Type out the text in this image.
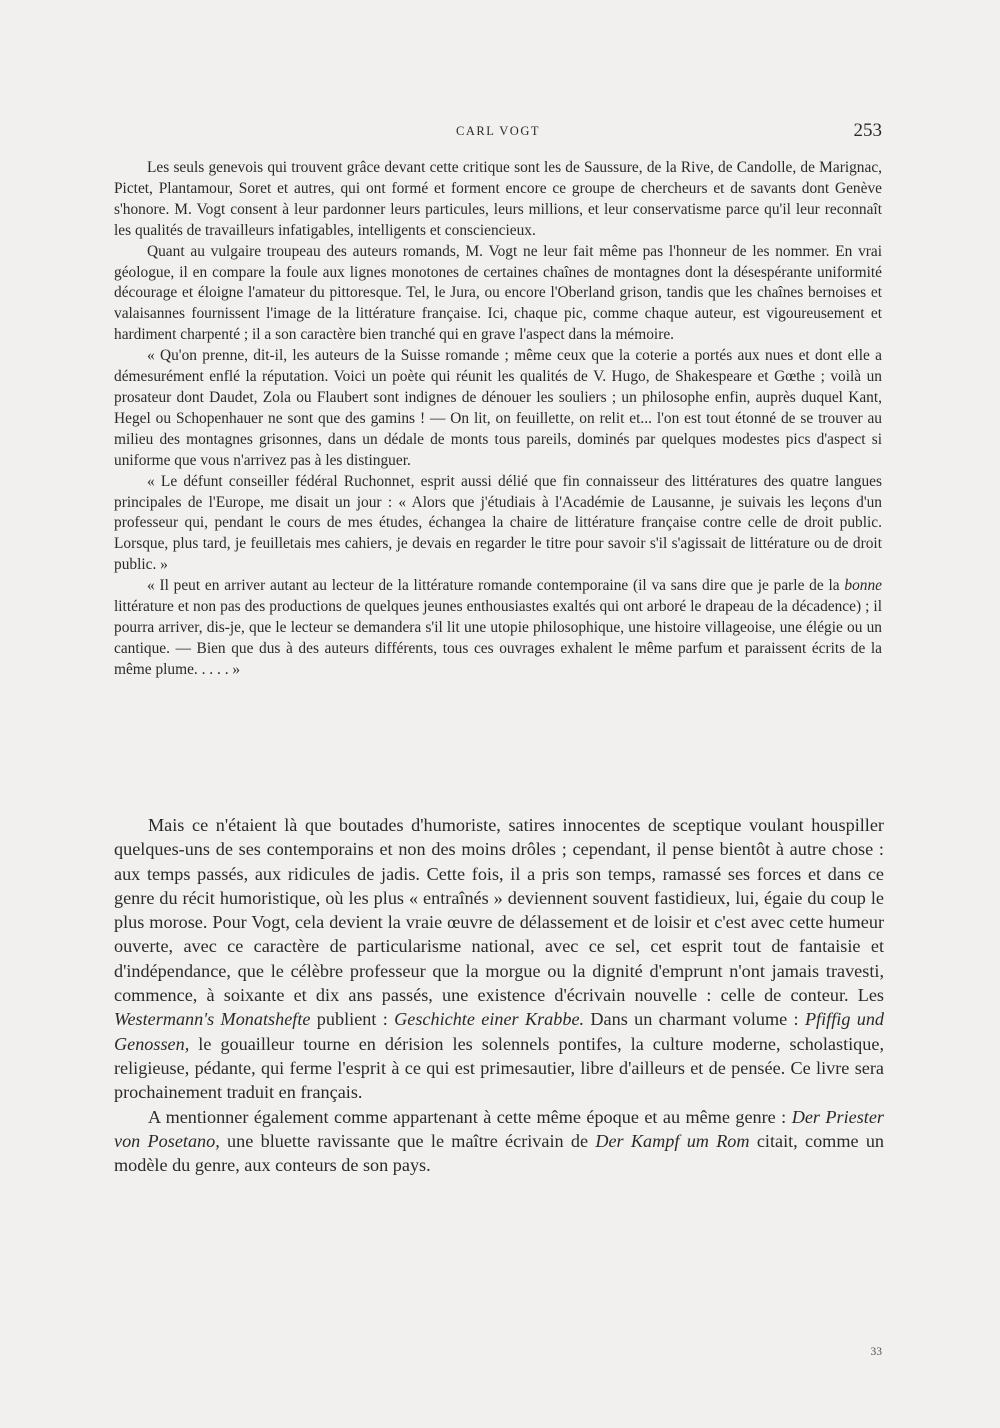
CARL VOGT	253

Les seuls genevois qui trouvent grâce devant cette critique sont les de Saussure, de la Rive, de Candolle, de Marignac, Pictet, Plantamour, Soret et autres, qui ont formé et forment encore ce groupe de chercheurs et de savants dont Genève s'honore. M. Vogt consent à leur pardonner leurs particules, leurs millions, et leur conservatisme parce qu'il leur reconnaît les qualités de travailleurs infatigables, intelligents et consciencieux.

Quant au vulgaire troupeau des auteurs romands, M. Vogt ne leur fait même pas l'honneur de les nommer. En vrai géologue, il en compare la foule aux lignes monotones de certaines chaînes de montagnes dont la désespérante uniformité décourage et éloigne l'amateur du pittoresque. Tel, le Jura, ou encore l'Oberland grison, tandis que les chaînes bernoises et valaisannes fournissent l'image de la littérature française. Ici, chaque pic, comme chaque auteur, est vigoureusement et hardiment charpenté ; il a son caractère bien tranché qui en grave l'aspect dans la mémoire.

« Qu'on prenne, dit-il, les auteurs de la Suisse romande ; même ceux que la coterie a portés aux nues et dont elle a démesurément enflé la réputation. Voici un poète qui réunit les qualités de V. Hugo, de Shakespeare et Gœthe ; voilà un prosateur dont Daudet, Zola ou Flaubert sont indignes de dénouer les souliers ; un philosophe enfin, auprès duquel Kant, Hegel ou Schopenhauer ne sont que des gamins ! — On lit, on feuillette, on relit et... l'on est tout étonné de se trouver au milieu des montagnes grisonnes, dans un dédale de monts tous pareils, dominés par quelques modestes pics d'aspect si uniforme que vous n'arrivez pas à les distinguer.

« Le défunt conseiller fédéral Ruchonnet, esprit aussi délié que fin connaisseur des littératures des quatre langues principales de l'Europe, me disait un jour : « Alors que j'étudiais à l'Académie de Lausanne, je suivais les leçons d'un professeur qui, pendant le cours de mes études, échangea la chaire de littérature française contre celle de droit public. Lorsque, plus tard, je feuilletais mes cahiers, je devais en regarder le titre pour savoir s'il s'agissait de littérature ou de droit public. »

« Il peut en arriver autant au lecteur de la littérature romande contemporaine (il va sans dire que je parle de la bonne littérature et non pas des productions de quelques jeunes enthousiastes exaltés qui ont arboré le drapeau de la décadence) ; il pourra arriver, dis-je, que le lecteur se demandera s'il lit une utopie philosophique, une histoire villageoise, une élégie ou un cantique. — Bien que dus à des auteurs différents, tous ces ouvrages exhalent le même parfum et paraissent écrits de la même plume. . . . . »

Mais ce n'étaient là que boutades d'humoriste, satires innocentes de sceptique voulant houspiller quelques-uns de ses contemporains et non des moins drôles ; cependant, il pense bientôt à autre chose : aux temps passés, aux ridicules de jadis. Cette fois, il a pris son temps, ramassé ses forces et dans ce genre du récit humoristique, où les plus « entraînés » deviennent souvent fastidieux, lui, égaie du coup le plus morose. Pour Vogt, cela devient la vraie œuvre de délassement et de loisir et c'est avec cette humeur ouverte, avec ce caractère de particularisme national, avec ce sel, cet esprit tout de fantaisie et d'indépendance, que le célèbre professeur que la morgue ou la dignité d'emprunt n'ont jamais travesti, commence, à soixante et dix ans passés, une existence d'écrivain nouvelle : celle de conteur. Les Westermann's Monatshefte publient : Geschichte einer Krabbe. Dans un charmant volume : Pfiffig und Genossen, le gouailleur tourne en dérision les solennels pontifes, la culture moderne, scholastique, religieuse, pédante, qui ferme l'esprit à ce qui est primesautier, libre d'ailleurs et de pensée. Ce livre sera prochainement traduit en français.

A mentionner également comme appartenant à cette même époque et au même genre : Der Priester von Posetano, une bluette ravissante que le maître écrivain de Der Kampf um Rom citait, comme un modèle du genre, aux conteurs de son pays.

33
